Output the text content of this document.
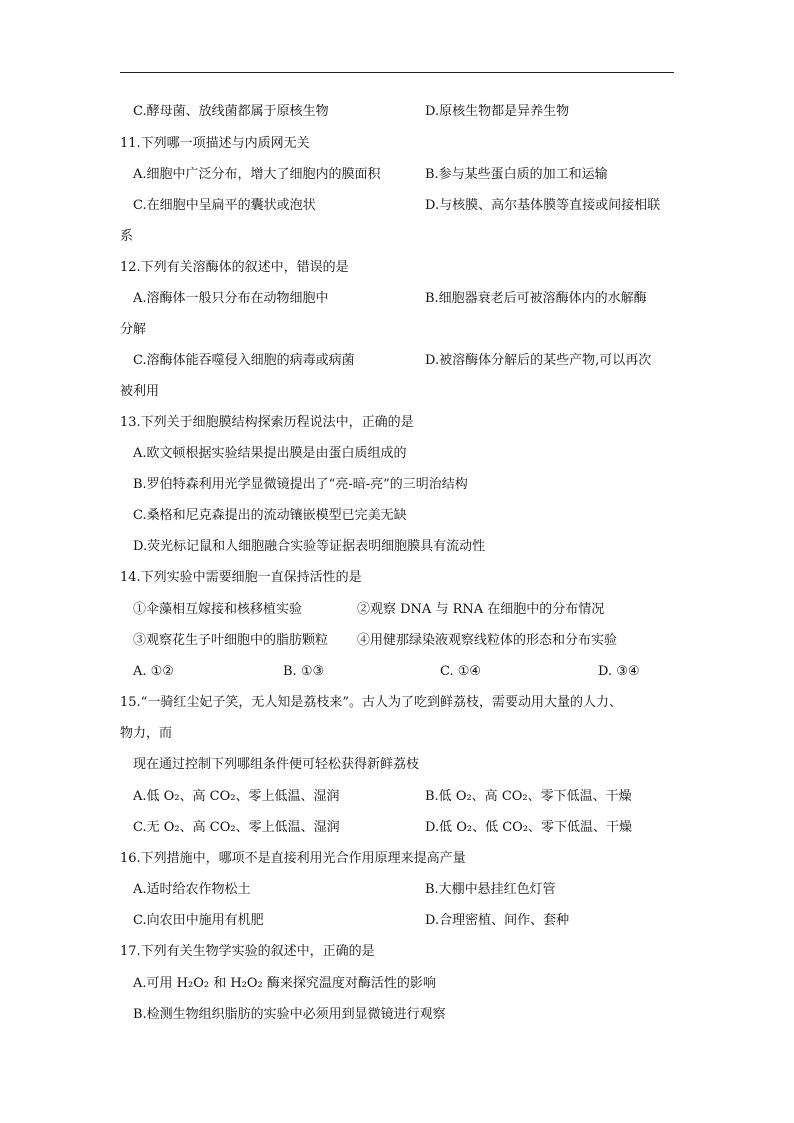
C.酵母菌、放线菌都属于原核生物	D.原核生物都是异养生物
11.下列哪一项描述与内质网无关
A.细胞中广泛分布，增大了细胞内的膜面积	B.参与某些蛋白质的加工和运输
C.在细胞中呈扁平的囊状或泡状	D.与核膜、高尔基体膜等直接或间接相联
系
12.下列有关溶酶体的叙述中，错误的是
A.溶酶体一般只分布在动物细胞中	B.细胞器衰老后可被溶酶体内的水解酶
分解
C.溶酶体能吞噬侵入细胞的病毒或病菌	D.被溶酶体分解后的某些产物,可以再次
被利用
13.下列关于细胞膜结构探索历程说法中，正确的是
A.欧文顿根据实验结果提出膜是由蛋白质组成的
B.罗伯特森利用光学显微镜提出了“亮-暗-亮”的三明治结构
C.桑格和尼克森提出的流动镶嵌模型已完美无缺
D.荧光标记鼠和人细胞融合实验等证据表明细胞膜具有流动性
14.下列实验中需要细胞一直保持活性的是
①伞藻相互嫁接和核移植实验	②观察 DNA 与 RNA 在细胞中的分布情况
③观察花生子叶细胞中的脂肪颗粒 ④用健那绿染液观察线粒体的形态和分布实验
A. ①②	B. ①③	C. ①④	D. ③④
15.“一骑红尘妃子笑，无人知是荔枝来”。古人为了吃到鲜荔枝，需要动用大量的人力、
物力，而
现在通过控制下列哪组条件便可轻松获得新鲜荔枝
A.低 O₂、高 CO₂、零上低温、湿润	B.低 O₂、高 CO₂、零下低温、干燥
C.无 O₂、高 CO₂、零上低温、湿润	D.低 O₂、低 CO₂、零下低温、干燥
16.下列措施中，哪项不是直接利用光合作用原理来提高产量
A.适时给农作物松土	B.大棚中悬挂红色灯管
C.向农田中施用有机肥	D.合理密植、间作、套种
17.下列有关生物学实验的叙述中，正确的是
A.可用 H₂O₂ 和 H₂O₂ 酶来探究温度对酶活性的影响
B.检测生物组织脂肪的实验中必须用到显微镜进行观察
